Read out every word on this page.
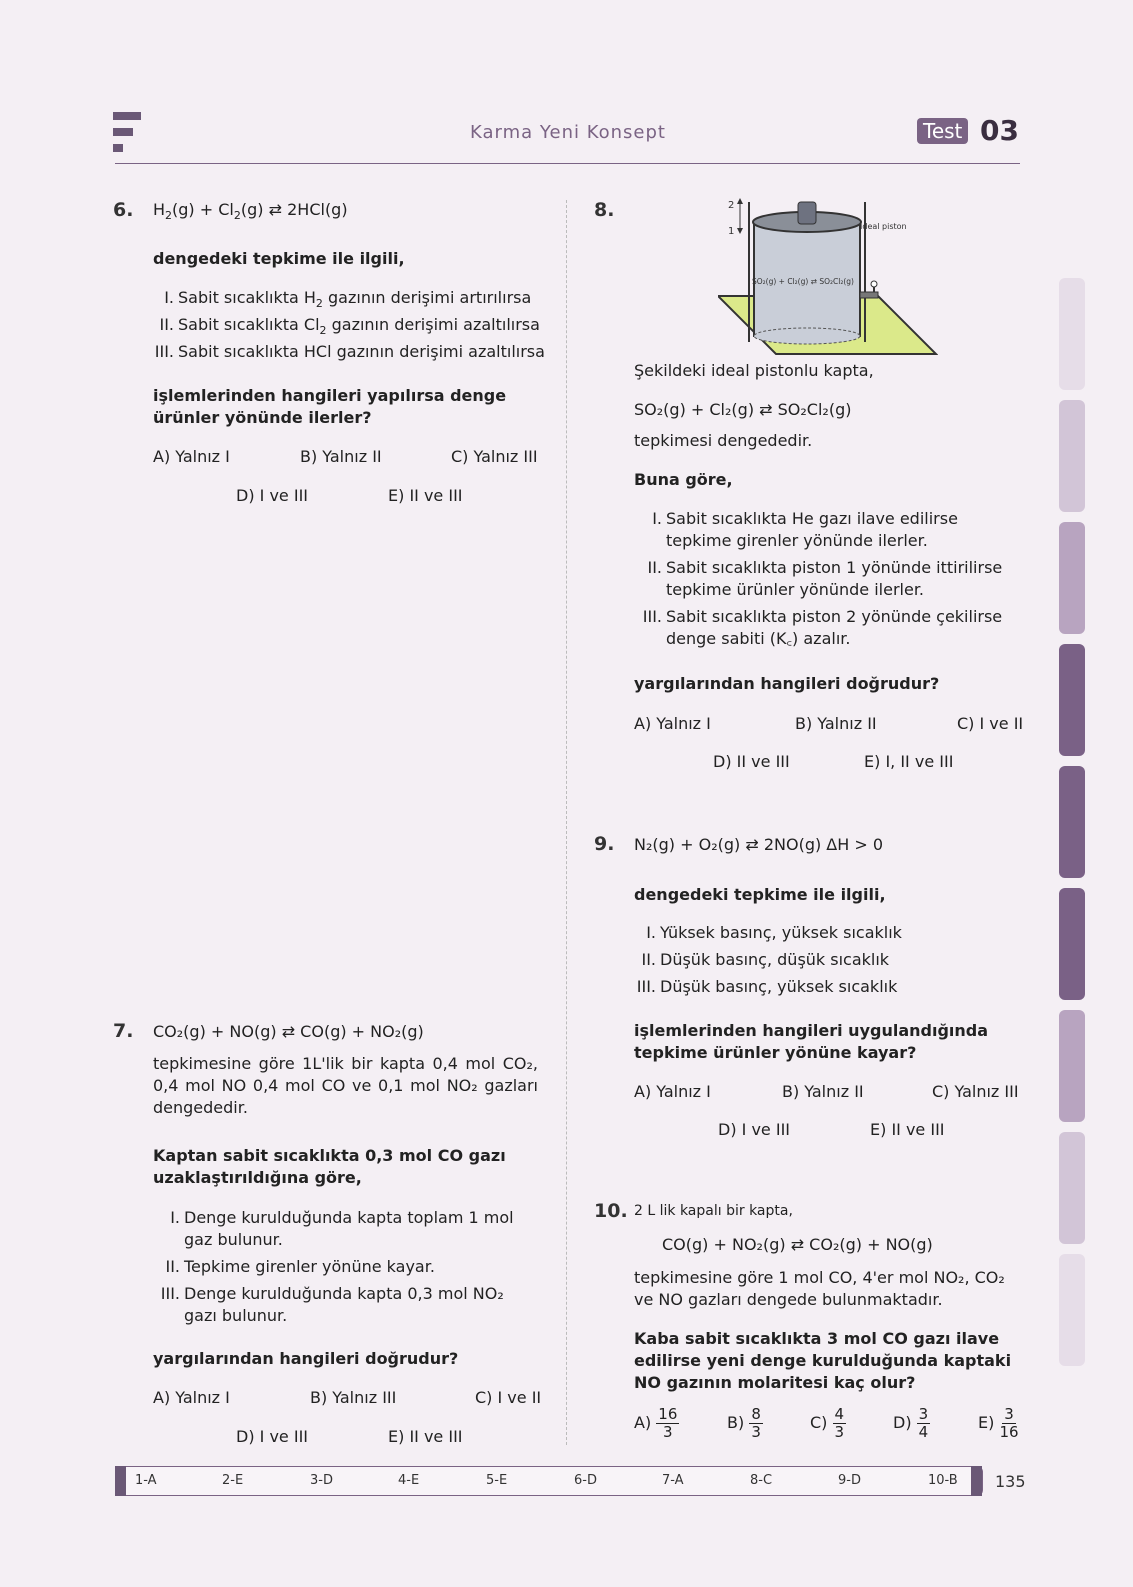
Karma Yeni Konsept	Test 03
6. $H_2(g) + Cl_2(g)$ ⇄ 2HCl(g)
dengedeki tepkime ile ilgili,
I. Sabit sıcaklıkta $H_2$ gazının derişimi artırılırsa
II. Sabit sıcaklıkta $Cl_2$ gazının derişimi azaltılırsa
III. Sabit sıcaklıkta HCl gazının derişimi azaltılırsa
işlemlerinden hangileri yapılırsa denge ürünler yönünde ilerler?
A) Yalnız I	B) Yalnız II	C) Yalnız III
D) I ve III	E) II ve III
7. CO₂(g) + NO(g) ⇄ CO(g) + NO₂(g)
tepkimesine göre 1L'lik bir kapta 0,4 mol CO₂, 0,4 mol NO 0,4 mol CO ve 0,1 mol NO₂ gazları dengededir.
Kaptan sabit sıcaklıkta 0,3 mol CO gazı uzaklaştırıldığına göre,
I. Denge kurulduğunda kapta toplam 1 mol gaz bulunur.
II. Tepkime girenler yönüne kayar.
III. Denge kurulduğunda kapta 0,3 mol NO₂ gazı bulunur.
yargılarından hangileri doğrudur?
A) Yalnız I	B) Yalnız III	C) I ve II
D) I ve III	E) II ve III
8.	2
1	İdeal piston
SO₂(g) + Cl₂(g) ⇄ SO₂Cl₂(g)
Şekildeki ideal pistonlu kapta,
SO₂(g) + Cl₂(g) ⇄ SO₂Cl₂(g)
tepkimesi dengededir.
Buna göre,
I. Sabit sıcaklıkta He gazı ilave edilirse tepkime girenler yönünde ilerler.
II. Sabit sıcaklıkta piston 1 yönünde ittirilirse tepkime ürünler yönünde ilerler.
III. Sabit sıcaklıkta piston 2 yönünde çekilirse denge sabiti (K꜀) azalır.
yargılarından hangileri doğrudur?
A) Yalnız I	B) Yalnız II	C) I ve II
D) II ve III	E) I, II ve III
9. N₂(g) + O₂(g) ⇄ 2NO(g) ΔH > 0
dengedeki tepkime ile ilgili,
I. Yüksek basınç, yüksek sıcaklık
II. Düşük basınç, düşük sıcaklık
III. Düşük basınç, yüksek sıcaklık
işlemlerinden hangileri uygulandığında tepkime ürünler yönüne kayar?
A) Yalnız I	B) Yalnız II	C) Yalnız III
D) I ve III	E) II ve III
10. 2 L lik kapalı bir kapta,
CO(g) + NO₂(g) ⇄ CO₂(g) + NO(g)
tepkimesine göre 1 mol CO, 4'er mol NO₂, CO₂ ve NO gazları dengede bulunmaktadır.
Kaba sabit sıcaklıkta 3 mol CO gazı ilave edilirse yeni denge kurulduğunda kaptaki NO gazının molaritesi kaç olur?
$A) \frac{16}{3}$	$B) \frac{8}{3}$	$C) \frac{4}{3}$	$D) \frac{3}{4}$	$E) \frac{3}{16}$
1-A	2-E	3-D	4-E	5-E	6-D	7-A	8-C	9-D	10-B 135
